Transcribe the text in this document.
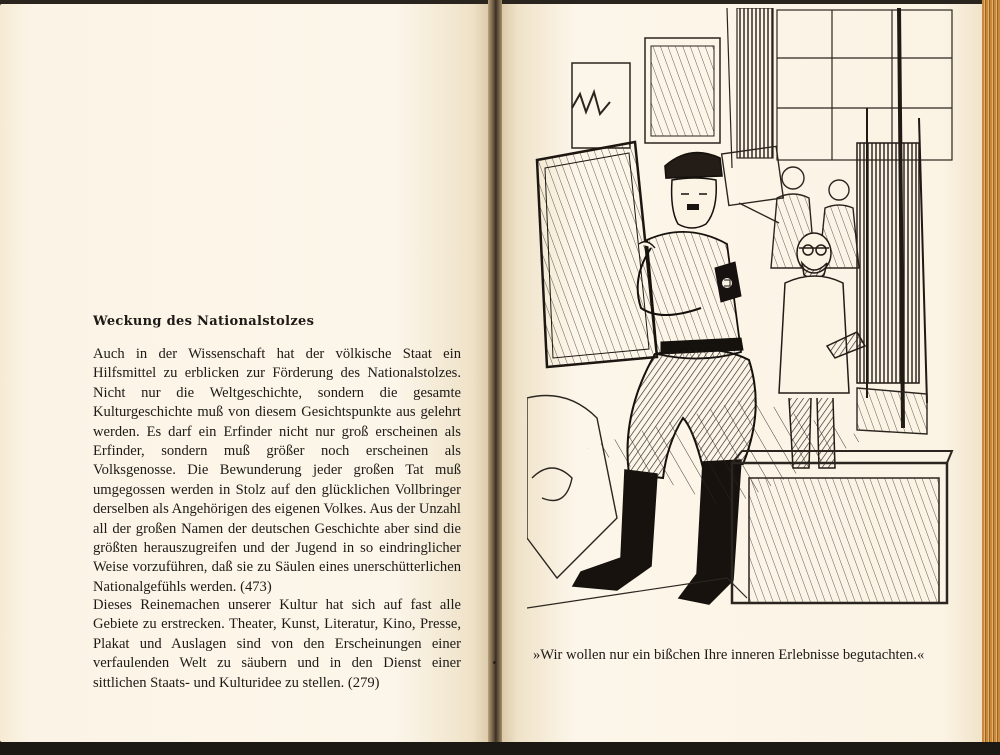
Weckung des Nationalstolzes

Auch in der Wissenschaft hat der völkische Staat ein Hilfsmittel zu erblicken zur Förderung des Nationalstolzes. Nicht nur die Weltgeschichte, sondern die gesamte Kulturgeschichte muß von diesem Gesichtspunkte aus gelehrt werden. Es darf ein Erfinder nicht nur groß erscheinen als Erfinder, sondern muß größer noch erscheinen als Volksgenosse. Die Bewunderung jeder großen Tat muß umgegossen werden in Stolz auf den glücklichen Vollbringer derselben als Angehörigen des eigenen Volkes. Aus der Unzahl all der großen Namen der deutschen Geschichte aber sind die größten herauszugreifen und der Jugend in so eindringlicher Weise vorzuführen, daß sie zu Säulen eines unerschütterlichen Nationalgefühls werden. (473)

Dieses Reinemachen unserer Kultur hat sich auf fast alle Gebiete zu erstrecken. Theater, Kunst, Literatur, Kino, Presse, Plakat und Auslagen sind von den Erscheinungen einer verfaulenden Welt zu säubern und in den Dienst einer sittlichen Staats- und Kulturidee zu stellen. (279)

»Wir wollen nur ein bißchen Ihre inneren Erlebnisse begutachten.«
